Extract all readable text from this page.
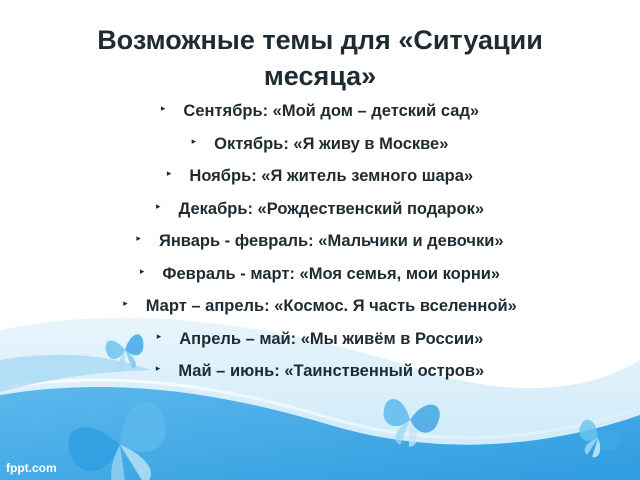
Возможные темы для «Ситуации месяца»
▸ Сентябрь: «Мой дом – детский сад»
▸ Октябрь: «Я живу в Москве»
▸ Ноябрь: «Я житель земного шара»
▸ Декабрь: «Рождественский подарок»
▸ Январь - февраль: «Мальчики и девочки»
▸ Февраль - март: «Моя семья, мои корни»
▸ Март – апрель: «Космос. Я часть вселенной»
▸ Апрель – май: «Мы живём в России»
▸ Май – июнь: «Таинственный остров»
fppt.com
